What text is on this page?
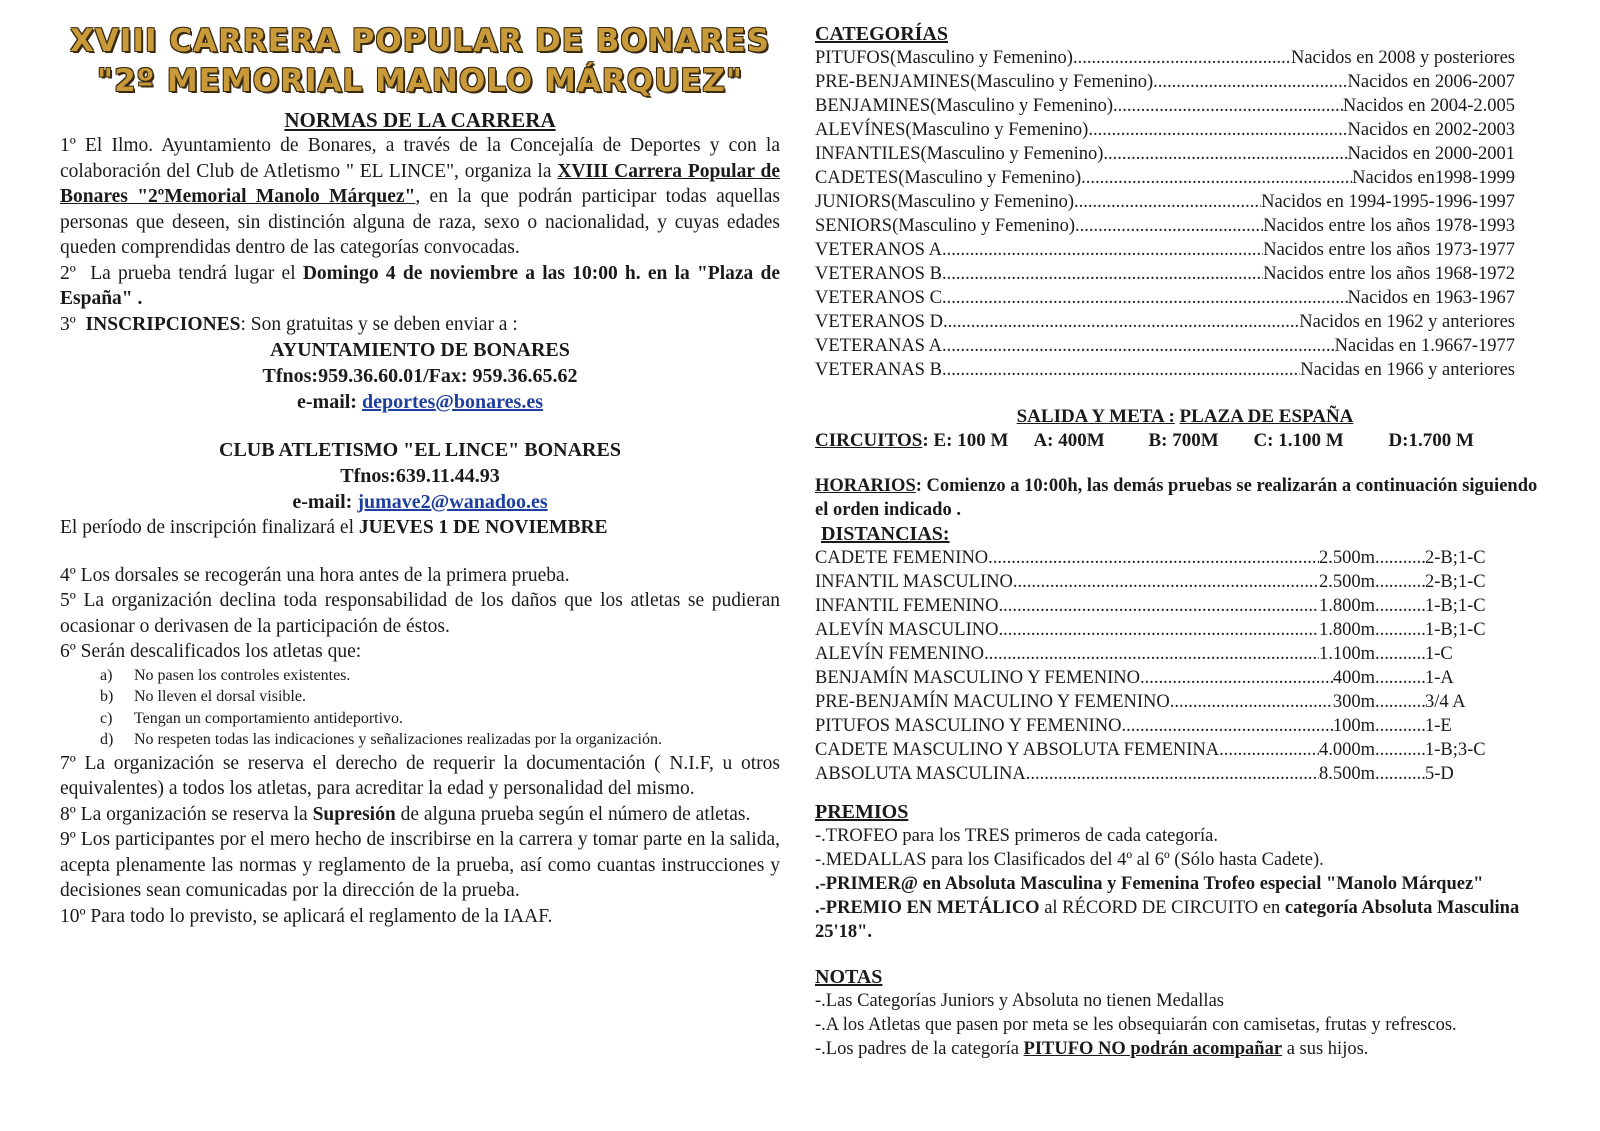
XVIII CARRERA POPULAR DE BONARES
"2º MEMORIAL MANOLO MÁRQUEZ"
NORMAS DE LA CARRERA

1º El Ilmo. Ayuntamiento de Bonares, a través de la Concejalía de Deportes y con la colaboración del Club de Atletismo " EL LINCE", organiza la XVIII Carrera Popular de Bonares "2ºMemorial Manolo Márquez", en la que podrán participar todas aquellas personas que deseen, sin distinción alguna de raza, sexo o nacionalidad, y cuyas edades queden comprendidas dentro de las categorías convocadas.

2º La prueba tendrá lugar el Domingo 4 de noviembre a las 10:00 h. en la "Plaza de España" .

3º INSCRIPCIONES: Son gratuitas y se deben enviar a :

AYUNTAMIENTO DE BONARES
Tfnos:959.36.60.01/Fax: 959.36.65.62
e-mail: deportes@bonares.es
CLUB ATLETISMO "EL LINCE" BONARES
Tfnos:639.11.44.93
e-mail: jumave2@wanadoo.es

El período de inscripción finalizará el JUEVES 1 DE NOVIEMBRE

4º Los dorsales se recogerán una hora antes de la primera prueba.

5º La organización declina toda responsabilidad de los daños que los atletas se pudieran ocasionar o derivasen de la participación de éstos.

6º Serán descalificados los atletas que:

a)	No pasen los controles existentes.
b)	No lleven el dorsal visible.
c)	Tengan un comportamiento antideportivo.
d)	No respeten todas las indicaciones y señalizaciones realizadas por la organización.

7º La organización se reserva el derecho de requerir la documentación ( N.I.F, u otros equivalentes) a todos los atletas, para acreditar la edad y personalidad del mismo.

8º La organización se reserva la Supresión de alguna prueba según el número de atletas.

9º Los participantes por el mero hecho de inscribirse en la carrera y tomar parte en la salida, acepta plenamente las normas y reglamento de la prueba, así como cuantas instrucciones y decisiones sean comunicadas por la dirección de la prueba.

10º Para todo lo previsto, se aplicará el reglamento de la IAAF.

CATEGORÍAS
PITUFOS(Masculino y Femenino) .....	Nacidos en 2008 y posteriores
PRE-BENJAMINES(Masculino y Femenino) .....	Nacidos en 2006-2007
BENJAMINES(Masculino y Femenino) .....	Nacidos en 2004-2.005
ALEVÍNES(Masculino y Femenino) .....	Nacidos en 2002-2003
INFANTILES(Masculino y Femenino) .....	Nacidos en 2000-2001
CADETES(Masculino y Femenino) .....	Nacidos en1998-1999
JUNIORS(Masculino y Femenino) .....	Nacidos en 1994-1995-1996-1997
SENIORS(Masculino y Femenino) .....	Nacidos entre los años 1978-1993
VETERANOS A .....	Nacidos entre los años 1973-1977
VETERANOS B .....	Nacidos entre los años 1968-1972
VETERANOS C .....	Nacidos en 1963-1967
VETERANOS D .....	Nacidos en 1962 y anteriores
VETERANAS A .....	Nacidas en 1.9667-1977
VETERANAS B .....	Nacidas en 1966 y anteriores
SALIDA Y META : PLAZA DE ESPAÑA
CIRCUITOS : E: 100 M	A: 400M	B: 700M	C: 1.100 M	D:1.700 M
HORARIOS: Comienzo a 10:00h, las demás pruebas se realizarán a continuación siguiendo el orden indicado .
DISTANCIAS:
CADETE FEMENINO .....	2.500m .....	2-B;1-C
INFANTIL MASCULINO .....	2.500m .....	2-B;1-C
INFANTIL FEMENINO .....	1.800m .....	1-B;1-C
ALEVÍN MASCULINO .....	1.800m .....	1-B;1-C
ALEVÍN FEMENINO .....	1.100m .....	1-C
BENJAMÍN MASCULINO Y FEMENINO .....	400m .....	1-A
PRE-BENJAMÍN MACULINO Y FEMENINO .....	300m .....	3/4 A
PITUFOS MASCULINO Y FEMENINO .....	100m .....	1-E
CADETE MASCULINO Y ABSOLUTA FEMENINA .....	4.000m .....	1-B;3-C
ABSOLUTA MASCULINA .....	8.500m .....	5-D
PREMIOS
-.TROFEO para los TRES primeros de cada categoría.
-.MEDALLAS para los Clasificados del 4º al 6º (Sólo hasta Cadete).
.-PRIMER@ en Absoluta Masculina y Femenina Trofeo especial "Manolo Márquez"
.-PREMIO EN METÁLICO al RÉCORD DE CIRCUITO en categoría Absoluta Masculina 25'18".
NOTAS
-.Las Categorías Juniors y Absoluta no tienen Medallas
-.A los Atletas que pasen por meta se les obsequiarán con camisetas, frutas y refrescos.
-.Los padres de la categoría PITUFO NO podrán acompañar a sus hijos.
